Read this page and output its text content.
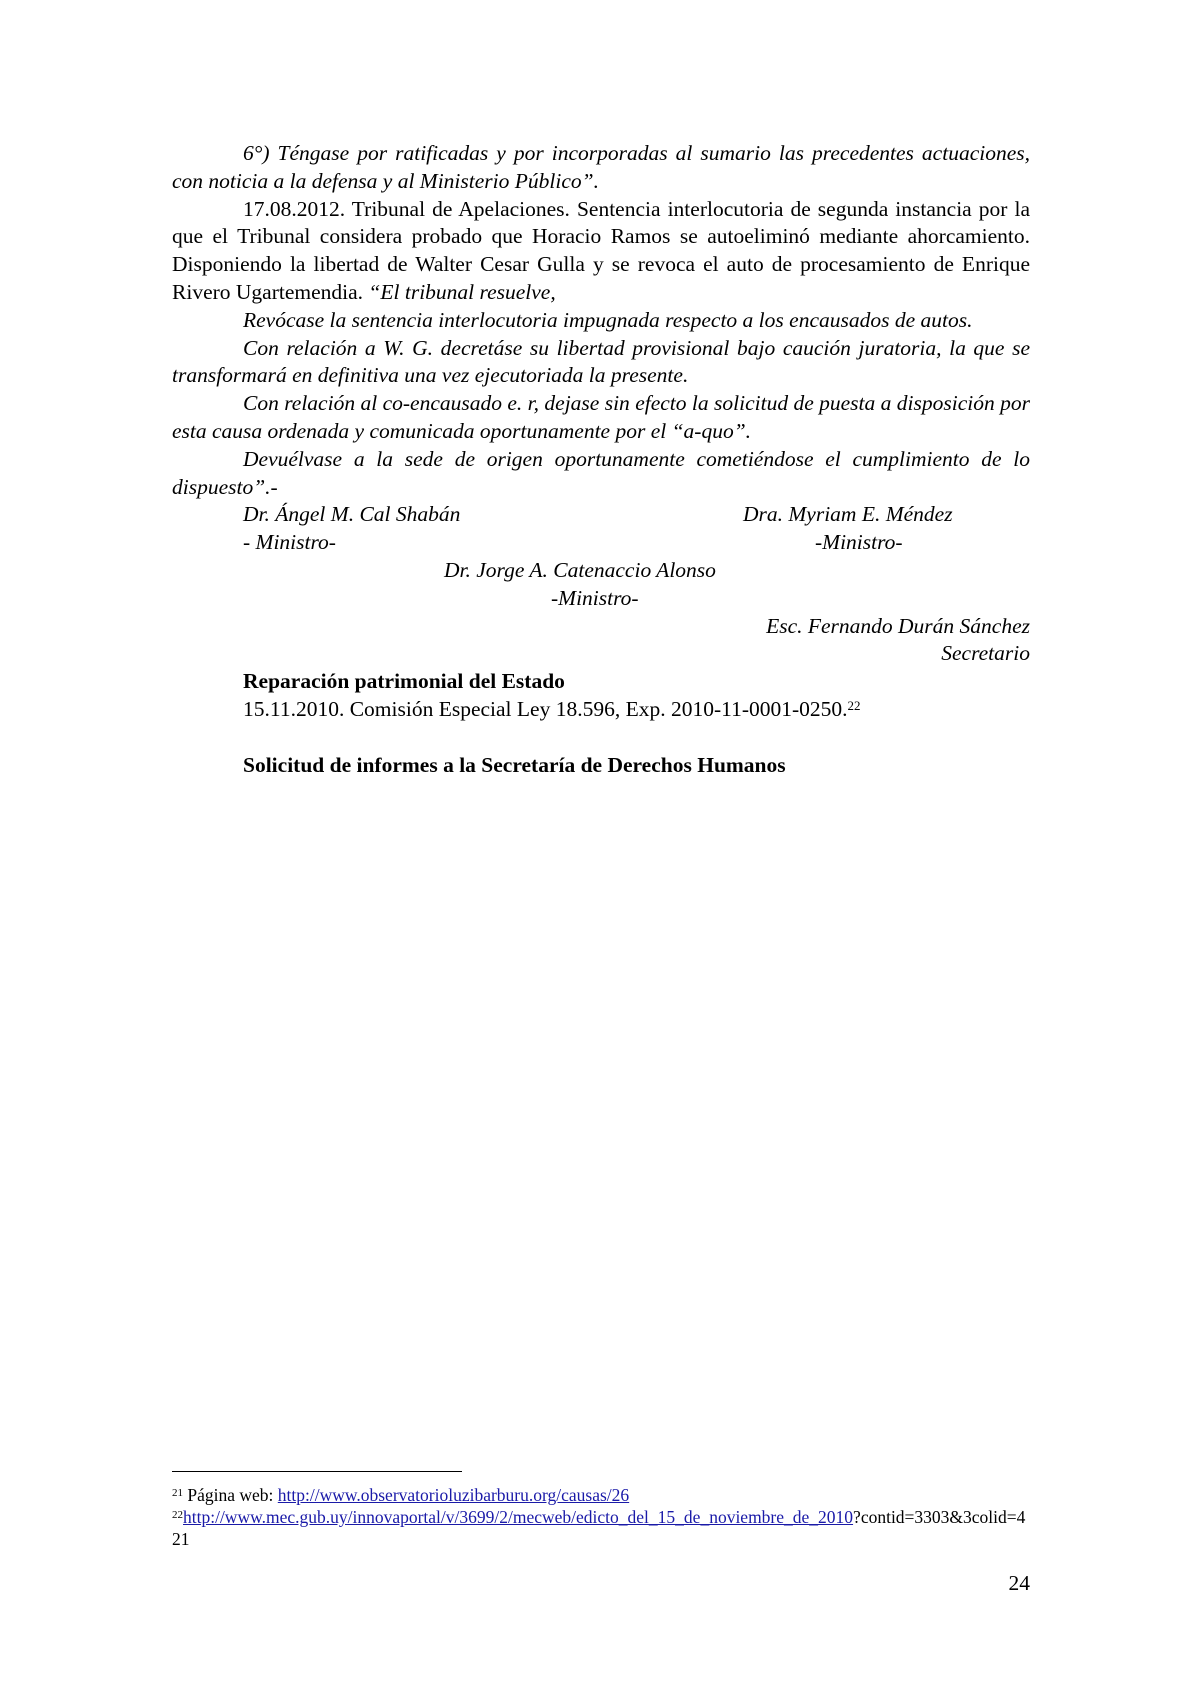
6°) Téngase por ratificadas y por incorporadas al sumario las precedentes actuaciones, con noticia a la defensa y al Ministerio Público”.

17.08.2012. Tribunal de Apelaciones. Sentencia interlocutoria de segunda instancia por la que el Tribunal considera probado que Horacio Ramos se autoeliminó mediante ahorcamiento. Disponiendo la libertad de Walter Cesar Gulla y se revoca el auto de procesamiento de Enrique Rivero Ugartemendia. “El tribunal resuelve,

Revócase la sentencia interlocutoria impugnada respecto a los encausados de autos.

Con relación a W. G. decretáse su libertad provisional bajo caución juratoria, la que se transformará en definitiva una vez ejecutoriada la presente.

Con relación al co-encausado e. r, dejase sin efecto la solicitud de puesta a disposición por esta causa ordenada y comunicada oportunamente por el “a-quo”.

Devuélvase a la sede de origen oportunamente cometiéndose el cumplimiento de lo dispuesto”.-

Dr. Ángel M. Cal Shabán	Dra. Myriam E. Méndez
- Ministro-	-Ministro-
Dr. Jorge A. Catenaccio Alonso
-Ministro-
Esc. Fernando Durán Sánchez
Secretario

Reparación patrimonial del Estado

15.11.2010. Comisión Especial Ley 18.596, Exp. 2010-11-0001-0250.22

Solicitud de informes a la Secretaría de Derechos Humanos

$^{21}$ Página web: http://www.observatorioluzibarburu.org/causas/26

$^{22}$http://www.mec.gub.uy/innovaportal/v/3699/2/mecweb/edicto_del_15_de_noviembre_de_2010?contid=3303&3colid=421

24
